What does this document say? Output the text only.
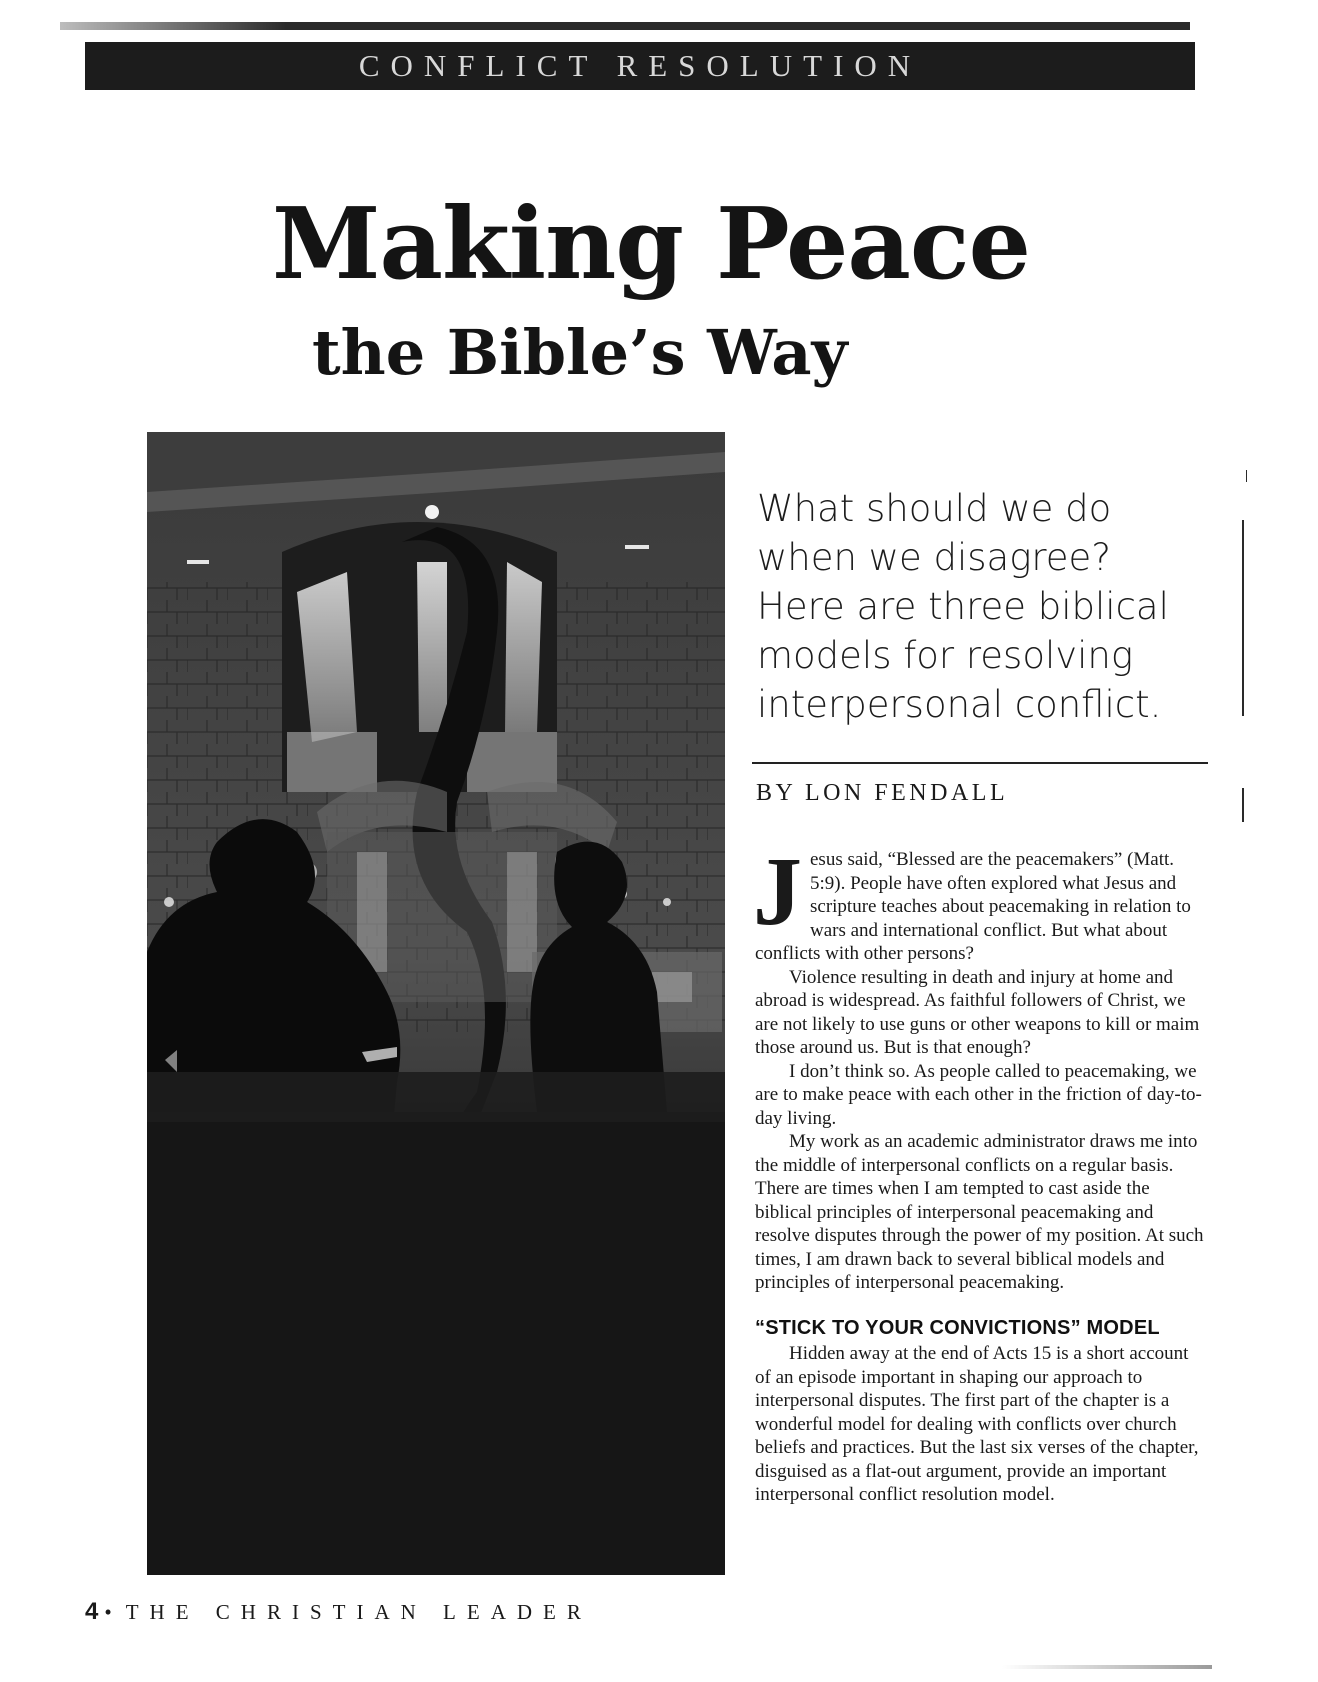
CONFLICT RESOLUTION
Making Peace
the Bible’s Way
What should we do when we disagree? Here are three biblical models for resolving interpersonal conflict.
BY LON FENDALL

Jesus said, “Blessed are the peacemakers” (Matt. 5:9). People have often explored what Jesus and scripture teaches about peacemaking in relation to wars and international conflict. But what about conflicts with other persons?

Violence resulting in death and injury at home and abroad is widespread. As faithful followers of Christ, we are not likely to use guns or other weapons to kill or maim those around us. But is that enough?

I don’t think so. As people called to peacemaking, we are to make peace with each other in the friction of day-to-day living.

My work as an academic administrator draws me into the middle of interpersonal conflicts on a regular basis. There are times when I am tempted to cast aside the biblical principles of interpersonal peacemaking and resolve disputes through the power of my position. At such times, I am drawn back to several biblical models and principles of interpersonal peacemaking.

“STICK TO YOUR CONVICTIONS” MODEL

Hidden away at the end of Acts 15 is a short account of an episode important in shaping our approach to interpersonal disputes. The first part of the chapter is a wonderful model for dealing with conflicts over church beliefs and practices. But the last six verses of the chapter, disguised as a flat-out argument, provide an important interpersonal conflict resolution model.

4 • THE CHRISTIAN LEADER
